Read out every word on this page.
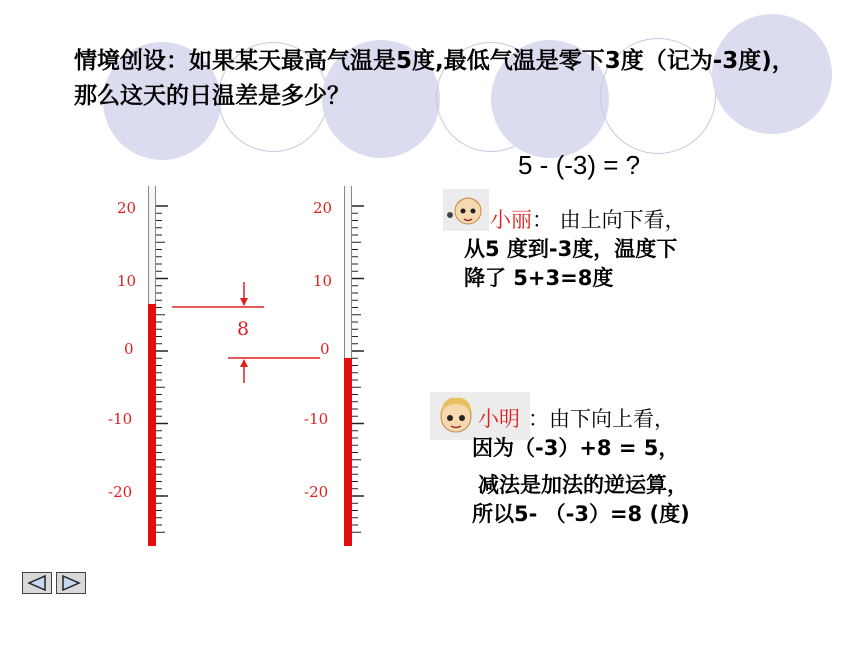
情境创设：如果某天最高气温是5度,最低气温是零下3度（记为-3度)，那么这天的日温差是多少？
5 - (-3) = ?
20
10
0
-10
-20
20
10
0
-10
-20
8
小丽： 由上向下看，
从5 度到-3度，温度下
降了 5+3=8度
小明 ：由下向上看，
因为（-3）+8 = 5，
减法是加法的逆运算，
所以5- （-3）=8 (度)
